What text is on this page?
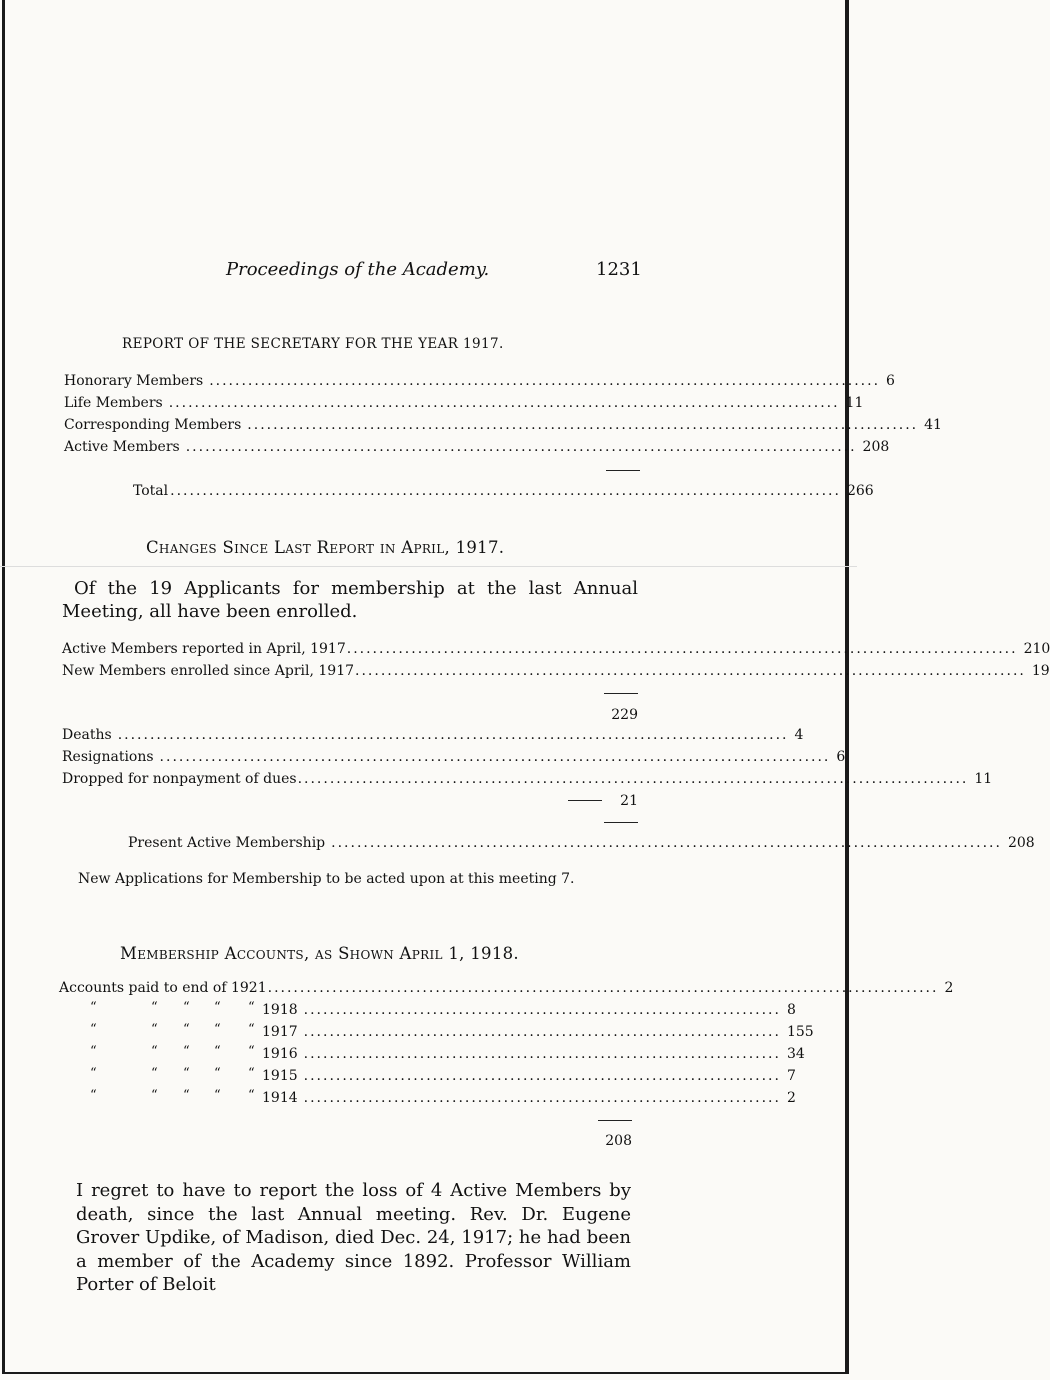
Proceedings of the Academy.	1231
REPORT OF THE SECRETARY FOR THE YEAR 1917.
Honorary Members ........................................................................................................ 6
Life Members ........................................................................................................ 11
Corresponding Members ........................................................................................................ 41
Active Members ........................................................................................................ 208
Total ........................................................................................................ 266
Changes Since Last Report in April, 1917.
Of the 19 Applicants for membership at the last Annual Meeting, all have been enrolled.
Active Members reported in April, 1917 ........................................................................................................ 210
New Members enrolled since April, 1917 ........................................................................................................ 19
229
Deaths ........................................................................................................ 4
Resignations ........................................................................................................ 6
Dropped for nonpayment of dues ........................................................................................................ 11
21
Present Active Membership ........................................................................................................ 208
New Applications for Membership to be acted upon at this meeting 7.
Membership Accounts, as Shown April 1, 1918.
Accounts paid to end of 1921 ........................................................................................................ 2
“	“ “ “ “ 1918 .......................................................................... 8
“	“ “ “ “ 1917 .......................................................................... 155
“	“ “ “ “ 1916 .......................................................................... 34
“	“ “ “ “ 1915 .......................................................................... 7
“	“ “ “ “ 1914 .......................................................................... 2
208
I regret to have to report the loss of 4 Active Members by death, since the last Annual meeting. Rev. Dr. Eugene Grover Updike, of Madison, died Dec. 24, 1917; he had been a member of the Academy since 1892. Professor William Porter of Beloit
